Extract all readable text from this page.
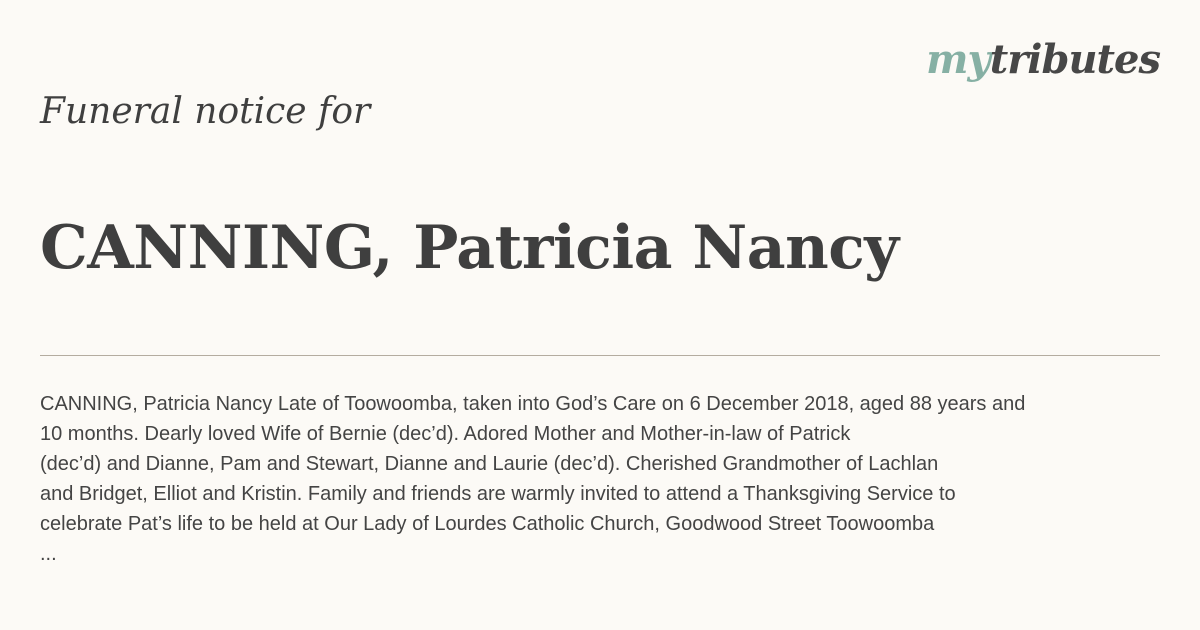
mytributes
Funeral notice for
CANNING, Patricia Nancy
CANNING, Patricia Nancy Late of Toowoomba, taken into God’s Care on 6 December 2018, aged 88 years and
10 months. Dearly loved Wife of Bernie (dec’d). Adored Mother and Mother-in-law of Patrick
(dec’d) and Dianne, Pam and Stewart, Dianne and Laurie (dec’d). Cherished Grandmother of Lachlan
and Bridget, Elliot and Kristin. Family and friends are warmly invited to attend a Thanksgiving Service to
celebrate Pat’s life to be held at Our Lady of Lourdes Catholic Church, Goodwood Street Toowoomba
...
